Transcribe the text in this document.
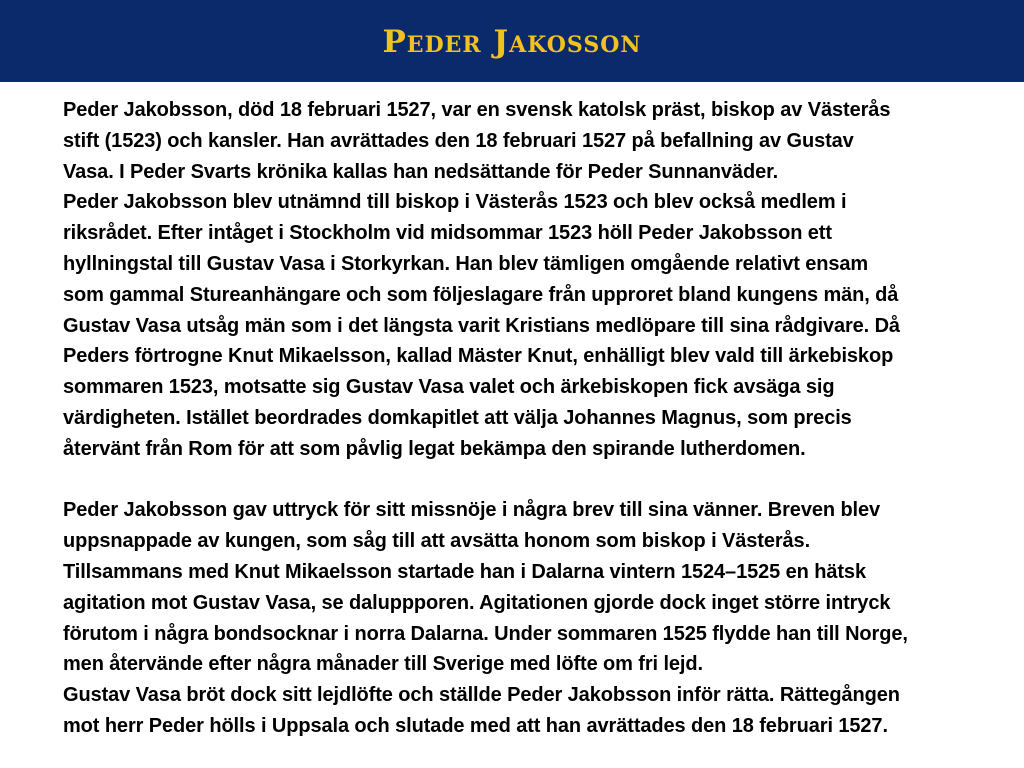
Peder Jakosson

Peder Jakobsson, död 18 februari 1527, var en svensk katolsk präst, biskop av Västerås
stift (1523) och kansler. Han avrättades den 18 februari 1527 på befallning av Gustav
Vasa. I Peder Svarts krönika kallas han nedsättande för Peder Sunnanväder.

Peder Jakobsson blev utnämnd till biskop i Västerås 1523 och blev också medlem i
riksrådet. Efter intåget i Stockholm vid midsommar 1523 höll Peder Jakobsson ett
hyllningstal till Gustav Vasa i Storkyrkan. Han blev tämligen omgående relativt ensam
som gammal Stureanhängare och som följeslagare från upproret bland kungens män, då
Gustav Vasa utsåg män som i det längsta varit Kristians medlöpare till sina rådgivare. Då
Peders förtrogne Knut Mikaelsson, kallad Mäster Knut, enhälligt blev vald till ärkebiskop
sommaren 1523, motsatte sig Gustav Vasa valet och ärkebiskopen fick avsäga sig
värdigheten. Istället beordrades domkapitlet att välja Johannes Magnus, som precis
återvänt från Rom för att som påvlig legat bekämpa den spirande lutherdomen.

Peder Jakobsson gav uttryck för sitt missnöje i några brev till sina vänner. Breven blev
uppsnappade av kungen, som såg till att avsätta honom som biskop i Västerås.
Tillsammans med Knut Mikaelsson startade han i Dalarna vintern 1524–1525 en hätsk
agitation mot Gustav Vasa, se daluppроren. Agitationen gjorde dock inget större intryck
förutom i några bondsocknar i norra Dalarna. Under sommaren 1525 flydde han till Norge,
men återvände efter några månader till Sverige med löfte om fri lejd.

Gustav Vasa bröt dock sitt lejdlöfte och ställde Peder Jakobsson inför rätta. Rättegången
mot herr Peder hölls i Uppsala och slutade med att han avrättades den 18 februari 1527.
